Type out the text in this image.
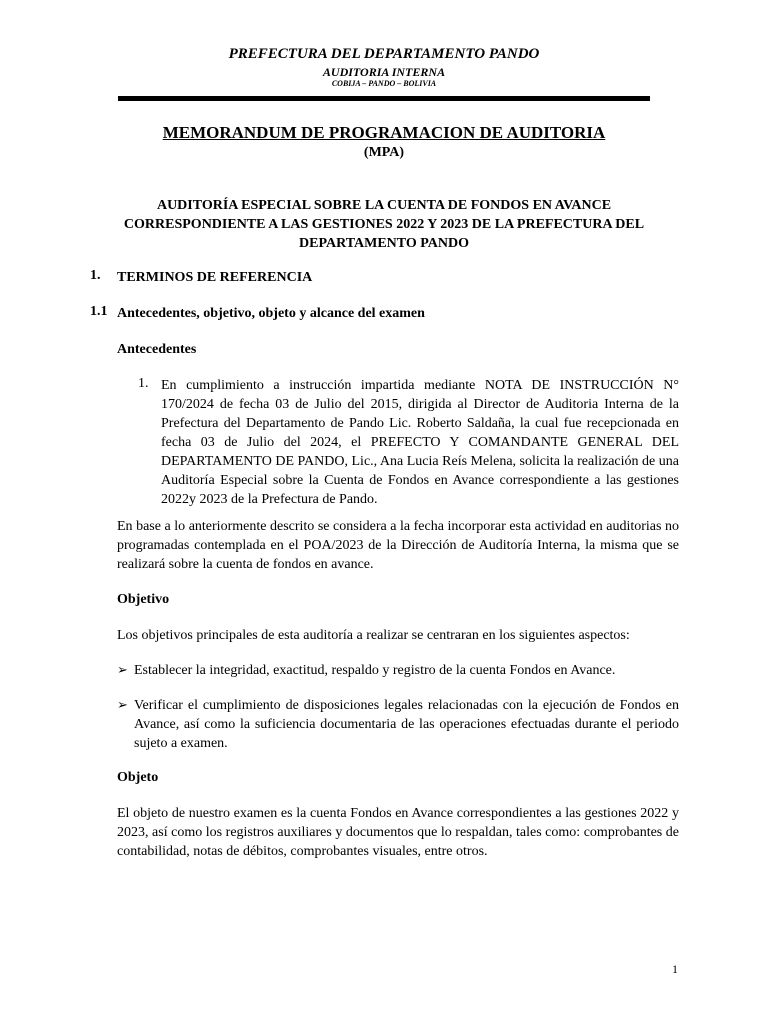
PREFECTURA DEL DEPARTAMENTO PANDO
AUDITORIA INTERNA
COBIJA – PANDO – BOLIVIA
MEMORANDUM DE PROGRAMACION DE AUDITORIA
(MPA)
AUDITORÍA ESPECIAL SOBRE LA CUENTA DE FONDOS EN AVANCE CORRESPONDIENTE A LAS GESTIONES 2022 Y 2023 DE LA PREFECTURA DEL DEPARTAMENTO PANDO
1. TERMINOS DE REFERENCIA
1.1 Antecedentes, objetivo, objeto y alcance del examen
Antecedentes
1. En cumplimiento a instrucción impartida mediante NOTA DE INSTRUCCIÓN N° 170/2024 de fecha 03 de Julio del 2015, dirigida al Director de Auditoria Interna de la Prefectura del Departamento de Pando Lic. Roberto Saldaña, la cual fue recepcionada en fecha 03 de Julio del 2024, el PREFECTO Y COMANDANTE GENERAL DEL DEPARTAMENTO DE PANDO, Lic., Ana Lucia Reís Melena, solicita la realización de una Auditoría Especial sobre la Cuenta de Fondos en Avance correspondiente a las gestiones 2022y 2023 de la Prefectura de Pando.
En base a lo anteriormente descrito se considera a la fecha incorporar esta actividad en auditorias no programadas contemplada en el POA/2023 de la Dirección de Auditoría Interna, la misma que se realizará sobre la cuenta de fondos en avance.
Objetivo
Los objetivos principales de esta auditoría a realizar se centraran en los siguientes aspectos:
➢ Establecer la integridad, exactitud, respaldo y registro de la cuenta Fondos en Avance.
➢ Verificar el cumplimiento de disposiciones legales relacionadas con la ejecución de Fondos en Avance, así como la suficiencia documentaria de las operaciones efectuadas durante el periodo sujeto a examen.
Objeto
El objeto de nuestro examen es la cuenta Fondos en Avance correspondientes a las gestiones 2022 y 2023, así como los registros auxiliares y documentos que lo respaldan, tales como: comprobantes de contabilidad, notas de débitos, comprobantes visuales, entre otros.
1
